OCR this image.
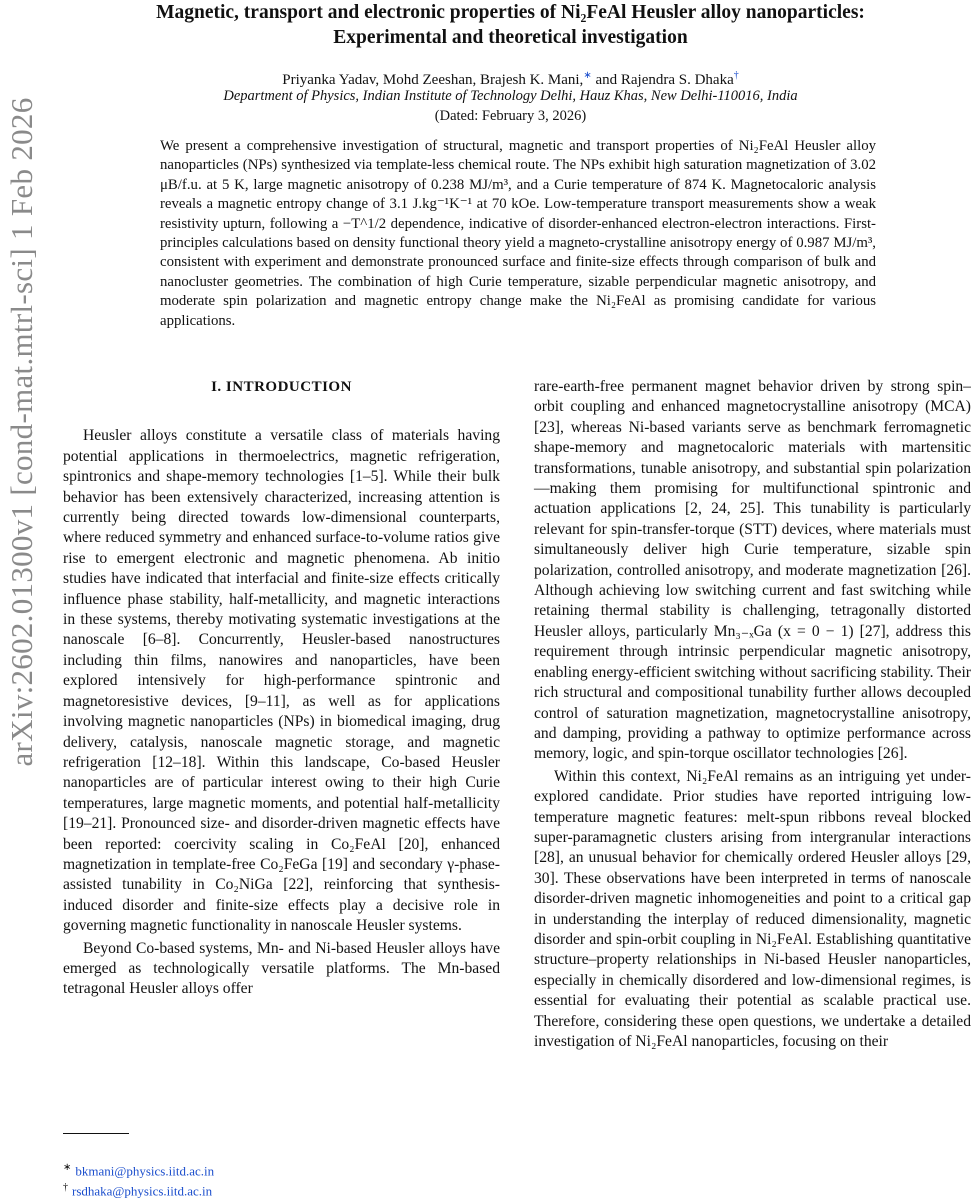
arXiv:2602.01300v1 [cond-mat.mtrl-sci] 1 Feb 2026
Magnetic, transport and electronic properties of Ni₂FeAl Heusler alloy nanoparticles:
Experimental and theoretical investigation
Priyanka Yadav, Mohd Zeeshan, Brajesh K. Mani,∗ and Rajendra S. Dhaka†
Department of Physics, Indian Institute of Technology Delhi, Hauz Khas, New Delhi-110016, India
(Dated: February 3, 2026)
We present a comprehensive investigation of structural, magnetic and transport properties of Ni₂FeAl Heusler alloy nanoparticles (NPs) synthesized via template-less chemical route. The NPs exhibit high saturation magnetization of 3.02 μB/f.u. at 5 K, large magnetic anisotropy of 0.238 MJ/m³, and a Curie temperature of 874 K. Magnetocaloric analysis reveals a magnetic entropy change of 3.1 J.kg⁻¹K⁻¹ at 70 kOe. Low-temperature transport measurements show a weak resistivity upturn, following a −T^1/2 dependence, indicative of disorder-enhanced electron-electron interactions. First-principles calculations based on density functional theory yield a magneto-crystalline anisotropy energy of 0.987 MJ/m³, consistent with experiment and demonstrate pronounced surface and finite-size effects through comparison of bulk and nanocluster geometries. The combination of high Curie temperature, sizable perpendicular magnetic anisotropy, and moderate spin polarization and magnetic entropy change make the Ni₂FeAl as promising candidate for various applications.
I. INTRODUCTION

Heusler alloys constitute a versatile class of materials having potential applications in thermoelectrics, magnetic refrigeration, spintronics and shape-memory technologies [1–5]. While their bulk behavior has been extensively characterized, increasing attention is currently being directed towards low-dimensional counterparts, where reduced symmetry and enhanced surface-to-volume ratios give rise to emergent electronic and magnetic phenomena. Ab initio studies have indicated that interfacial and finite-size effects critically influence phase stability, half-metallicity, and magnetic interactions in these systems, thereby motivating systematic investigations at the nanoscale [6–8]. Concurrently, Heusler-based nanostructures including thin films, nanowires and nanoparticles, have been explored intensively for high-performance spintronic and magnetoresistive devices, [9–11], as well as for applications involving magnetic nanoparticles (NPs) in biomedical imaging, drug delivery, catalysis, nanoscale magnetic storage, and magnetic refrigeration [12–18]. Within this landscape, Co-based Heusler nanoparticles are of particular interest owing to their high Curie temperatures, large magnetic moments, and potential half-metallicity [19–21]. Pronounced size- and disorder-driven magnetic effects have been reported: coercivity scaling in Co₂FeAl [20], enhanced magnetization in template-free Co₂FeGa [19] and secondary γ-phase-assisted tunability in Co₂NiGa [22], reinforcing that synthesis-induced disorder and finite-size effects play a decisive role in governing magnetic functionality in nanoscale Heusler systems.

Beyond Co-based systems, Mn- and Ni-based Heusler alloys have emerged as technologically versatile platforms. The Mn-based tetragonal Heusler alloys offer

rare-earth-free permanent magnet behavior driven by strong spin–orbit coupling and enhanced magnetocrystalline anisotropy (MCA) [23], whereas Ni-based variants serve as benchmark ferromagnetic shape-memory and magnetocaloric materials with martensitic transformations, tunable anisotropy, and substantial spin polarization—making them promising for multifunctional spintronic and actuation applications [2, 24, 25]. This tunability is particularly relevant for spin-transfer-torque (STT) devices, where materials must simultaneously deliver high Curie temperature, sizable spin polarization, controlled anisotropy, and moderate magnetization [26]. Although achieving low switching current and fast switching while retaining thermal stability is challenging, tetragonally distorted Heusler alloys, particularly Mn₃₋ₓGa (x = 0 − 1) [27], address this requirement through intrinsic perpendicular magnetic anisotropy, enabling energy-efficient switching without sacrificing stability. Their rich structural and compositional tunability further allows decoupled control of saturation magnetization, magnetocrystalline anisotropy, and damping, providing a pathway to optimize performance across memory, logic, and spin-torque oscillator technologies [26].

Within this context, Ni₂FeAl remains as an intriguing yet under-explored candidate. Prior studies have reported intriguing low-temperature magnetic features: melt-spun ribbons reveal blocked super-paramagnetic clusters arising from intergranular interactions [28], an unusual behavior for chemically ordered Heusler alloys [29, 30]. These observations have been interpreted in terms of nanoscale disorder-driven magnetic inhomogeneities and point to a critical gap in understanding the interplay of reduced dimensionality, magnetic disorder and spin-orbit coupling in Ni₂FeAl. Establishing quantitative structure–property relationships in Ni-based Heusler nanoparticles, especially in chemically disordered and low-dimensional regimes, is essential for evaluating their potential as scalable practical use. Therefore, considering these open questions, we undertake a detailed investigation of Ni₂FeAl nanoparticles, focusing on their

∗ bkmani@physics.iitd.ac.in
† rsdhaka@physics.iitd.ac.in
